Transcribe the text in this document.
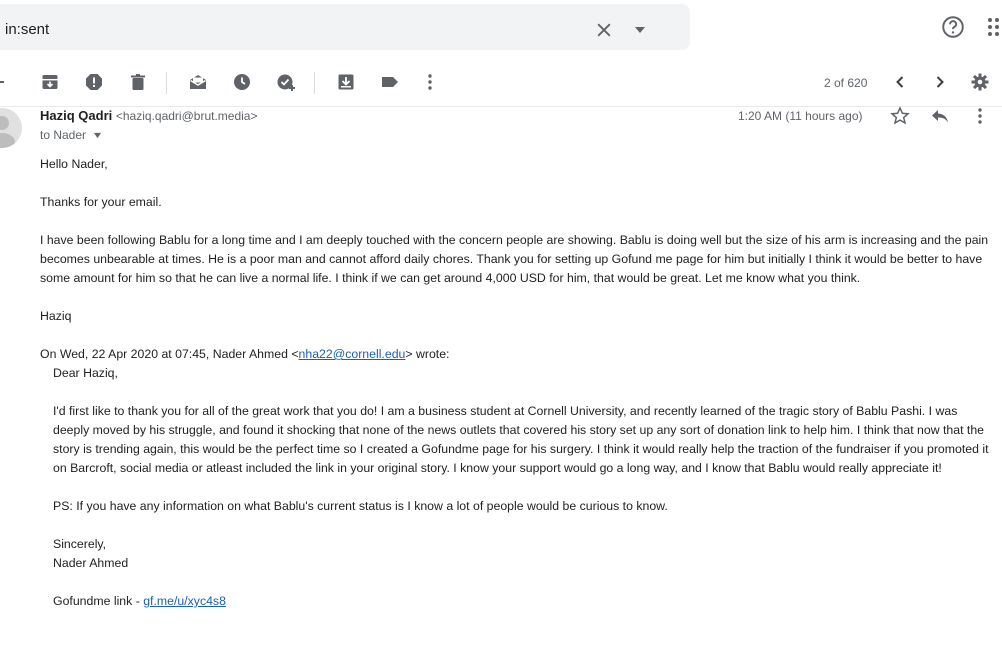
in:sent
2 of 620
Haziq Qadri <haziq.qadri@brut.media>
to Nader
1:20 AM (11 hours ago)

Hello Nader,

Thanks for your email.

I have been following Bablu for a long time and I am deeply touched with the concern people are showing. Bablu is doing well but the size of his arm is increasing and the pain becomes unbearable at times. He is a poor man and cannot afford daily chores. Thank you for setting up Gofund me page for him but initially I think it would be better to have some amount for him so that he can live a normal life. I think if we can get around 4,000 USD for him, that would be great. Let me know what you think.

Haziq

On Wed, 22 Apr 2020 at 07:45, Nader Ahmed <nha22@cornell.edu> wrote:

Dear Haziq,

I'd first like to thank you for all of the great work that you do! I am a business student at Cornell University, and recently learned of the tragic story of Bablu Pashi. I was deeply moved by his struggle, and found it shocking that none of the news outlets that covered his story set up any sort of donation link to help him. I think that now that the story is trending again, this would be the perfect time so I created a Gofundme page for his surgery. I think it would really help the traction of the fundraiser if you promoted it on Barcroft, social media or atleast included the link in your original story. I know your support would go a long way, and I know that Bablu would really appreciate it!

PS: If you have any information on what Bablu's current status is I know a lot of people would be curious to know.

Sincerely,
Nader Ahmed

Gofundme link - gf.me/u/xyc4s8
